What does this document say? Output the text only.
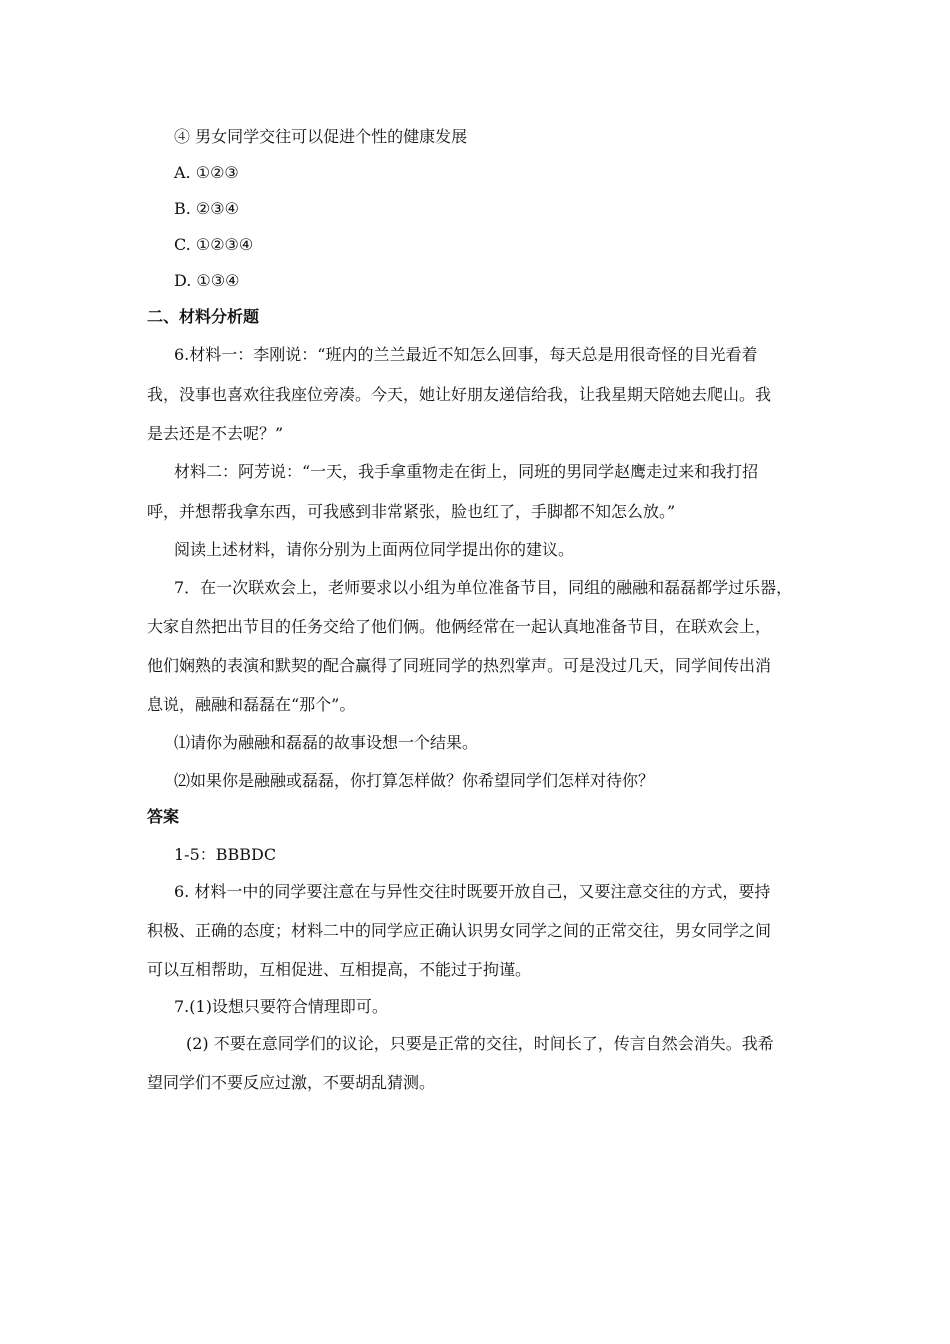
④ 男女同学交往可以促进个性的健康发展
A. ①②③
B. ②③④
C. ①②③④
D. ①③④
二、材料分析题
6.材料一：李刚说：“班内的兰兰最近不知怎么回事，每天总是用很奇怪的目光看着
我，没事也喜欢往我座位旁凑。今天，她让好朋友递信给我，让我星期天陪她去爬山。我
是去还是不去呢？”
材料二：阿芳说：“一天，我手拿重物走在街上，同班的男同学赵鹰走过来和我打招
呼，并想帮我拿东西，可我感到非常紧张，脸也红了，手脚都不知怎么放。”
阅读上述材料，请你分别为上面两位同学提出你的建议。
7．在一次联欢会上，老师要求以小组为单位准备节目，同组的融融和磊磊都学过乐器，
大家自然把出节目的任务交给了他们俩。他俩经常在一起认真地准备节目，在联欢会上，
他们娴熟的表演和默契的配合赢得了同班同学的热烈掌声。可是没过几天，同学间传出消
息说，融融和磊磊在“那个”。
⑴请你为融融和磊磊的故事设想一个结果。
⑵如果你是融融或磊磊，你打算怎样做？你希望同学们怎样对待你？
答案
1-5：BBBDC
6. 材料一中的同学要注意在与异性交往时既要开放自己，又要注意交往的方式，要持
积极、正确的态度；材料二中的同学应正确认识男女同学之间的正常交往，男女同学之间
可以互相帮助，互相促进、互相提高，不能过于拘谨。
7.(1)设想只要符合情理即可。
(2) 不要在意同学们的议论，只要是正常的交往，时间长了，传言自然会消失。我希
望同学们不要反应过激，不要胡乱猜测。
